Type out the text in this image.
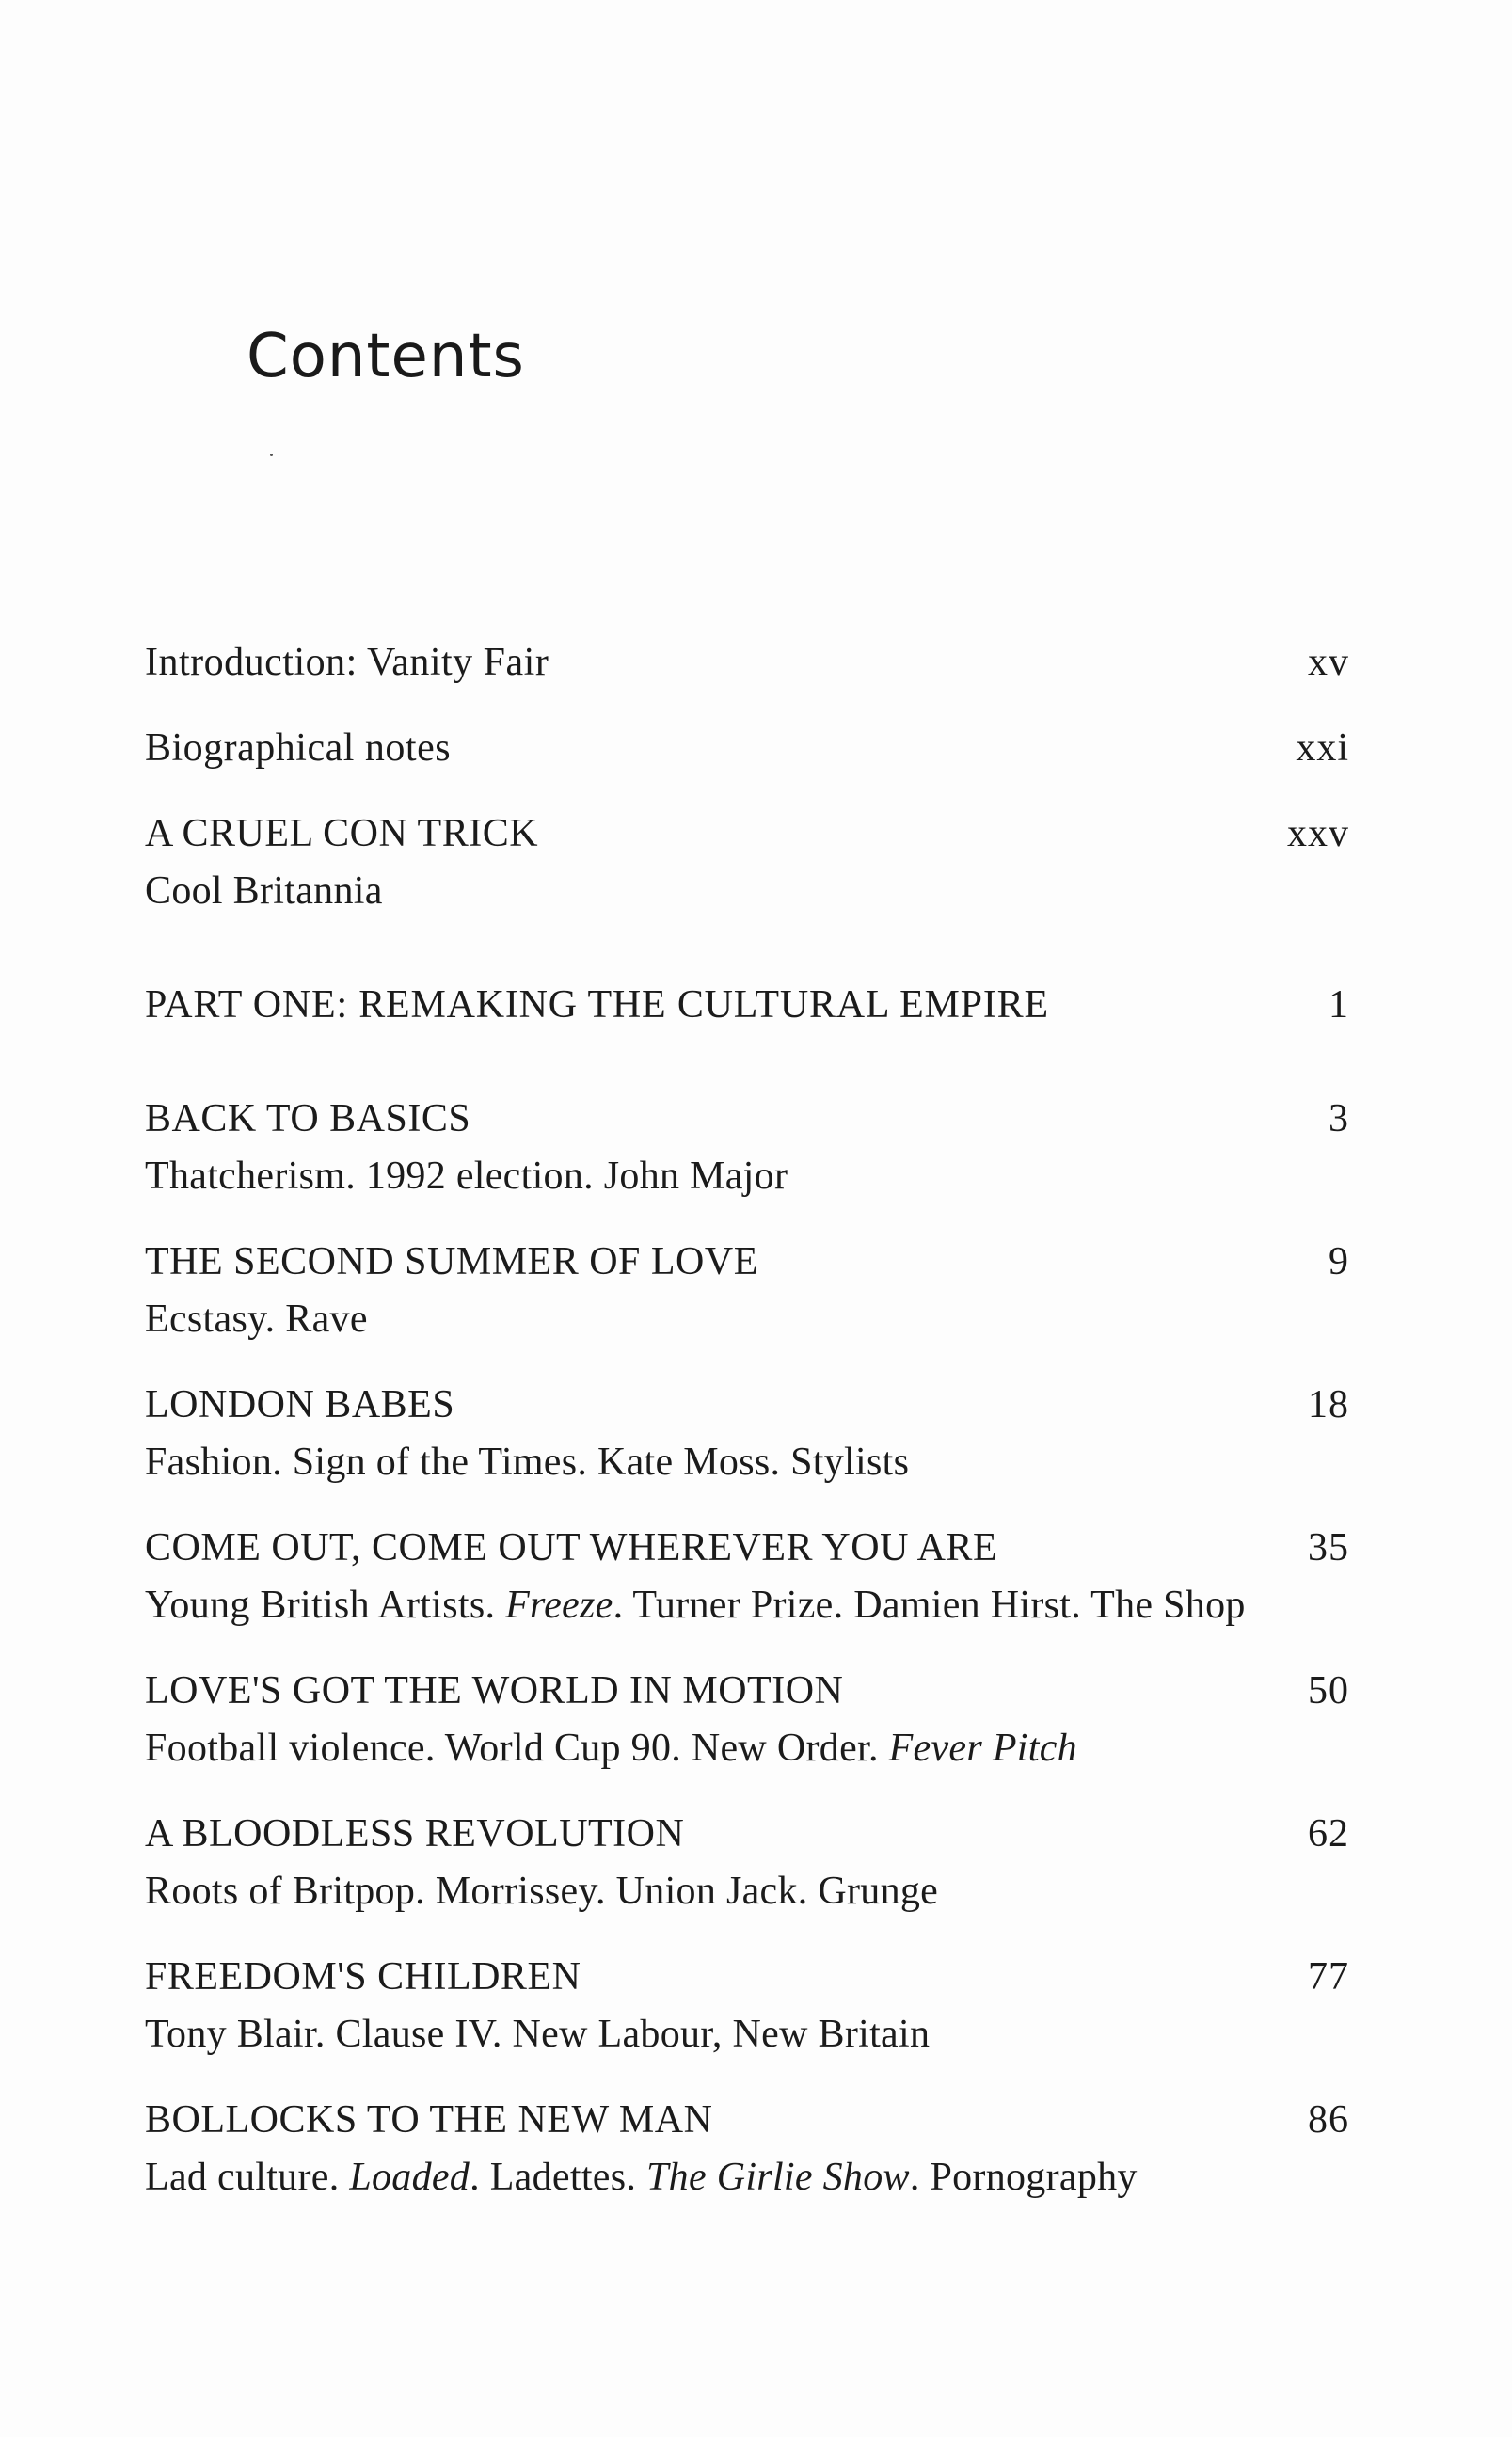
Contents
Introduction: Vanity Fair	xv
Biographical notes	xxi
A CRUEL CON TRICK	xxv
Cool Britannia
PART ONE: REMAKING THE CULTURAL EMPIRE	1
BACK TO BASICS	3
Thatcherism. 1992 election. John Major
THE SECOND SUMMER OF LOVE	9
Ecstasy. Rave
LONDON BABES	18
Fashion. Sign of the Times. Kate Moss. Stylists
COME OUT, COME OUT WHEREVER YOU ARE	35
Young British Artists. Freeze. Turner Prize. Damien Hirst. The Shop
LOVE'S GOT THE WORLD IN MOTION	50
Football violence. World Cup 90. New Order. Fever Pitch
A BLOODLESS REVOLUTION	62
Roots of Britpop. Morrissey. Union Jack. Grunge
FREEDOM'S CHILDREN	77
Tony Blair. Clause IV. New Labour, New Britain
BOLLOCKS TO THE NEW MAN	86
Lad culture. Loaded. Ladettes. The Girlie Show. Pornography
